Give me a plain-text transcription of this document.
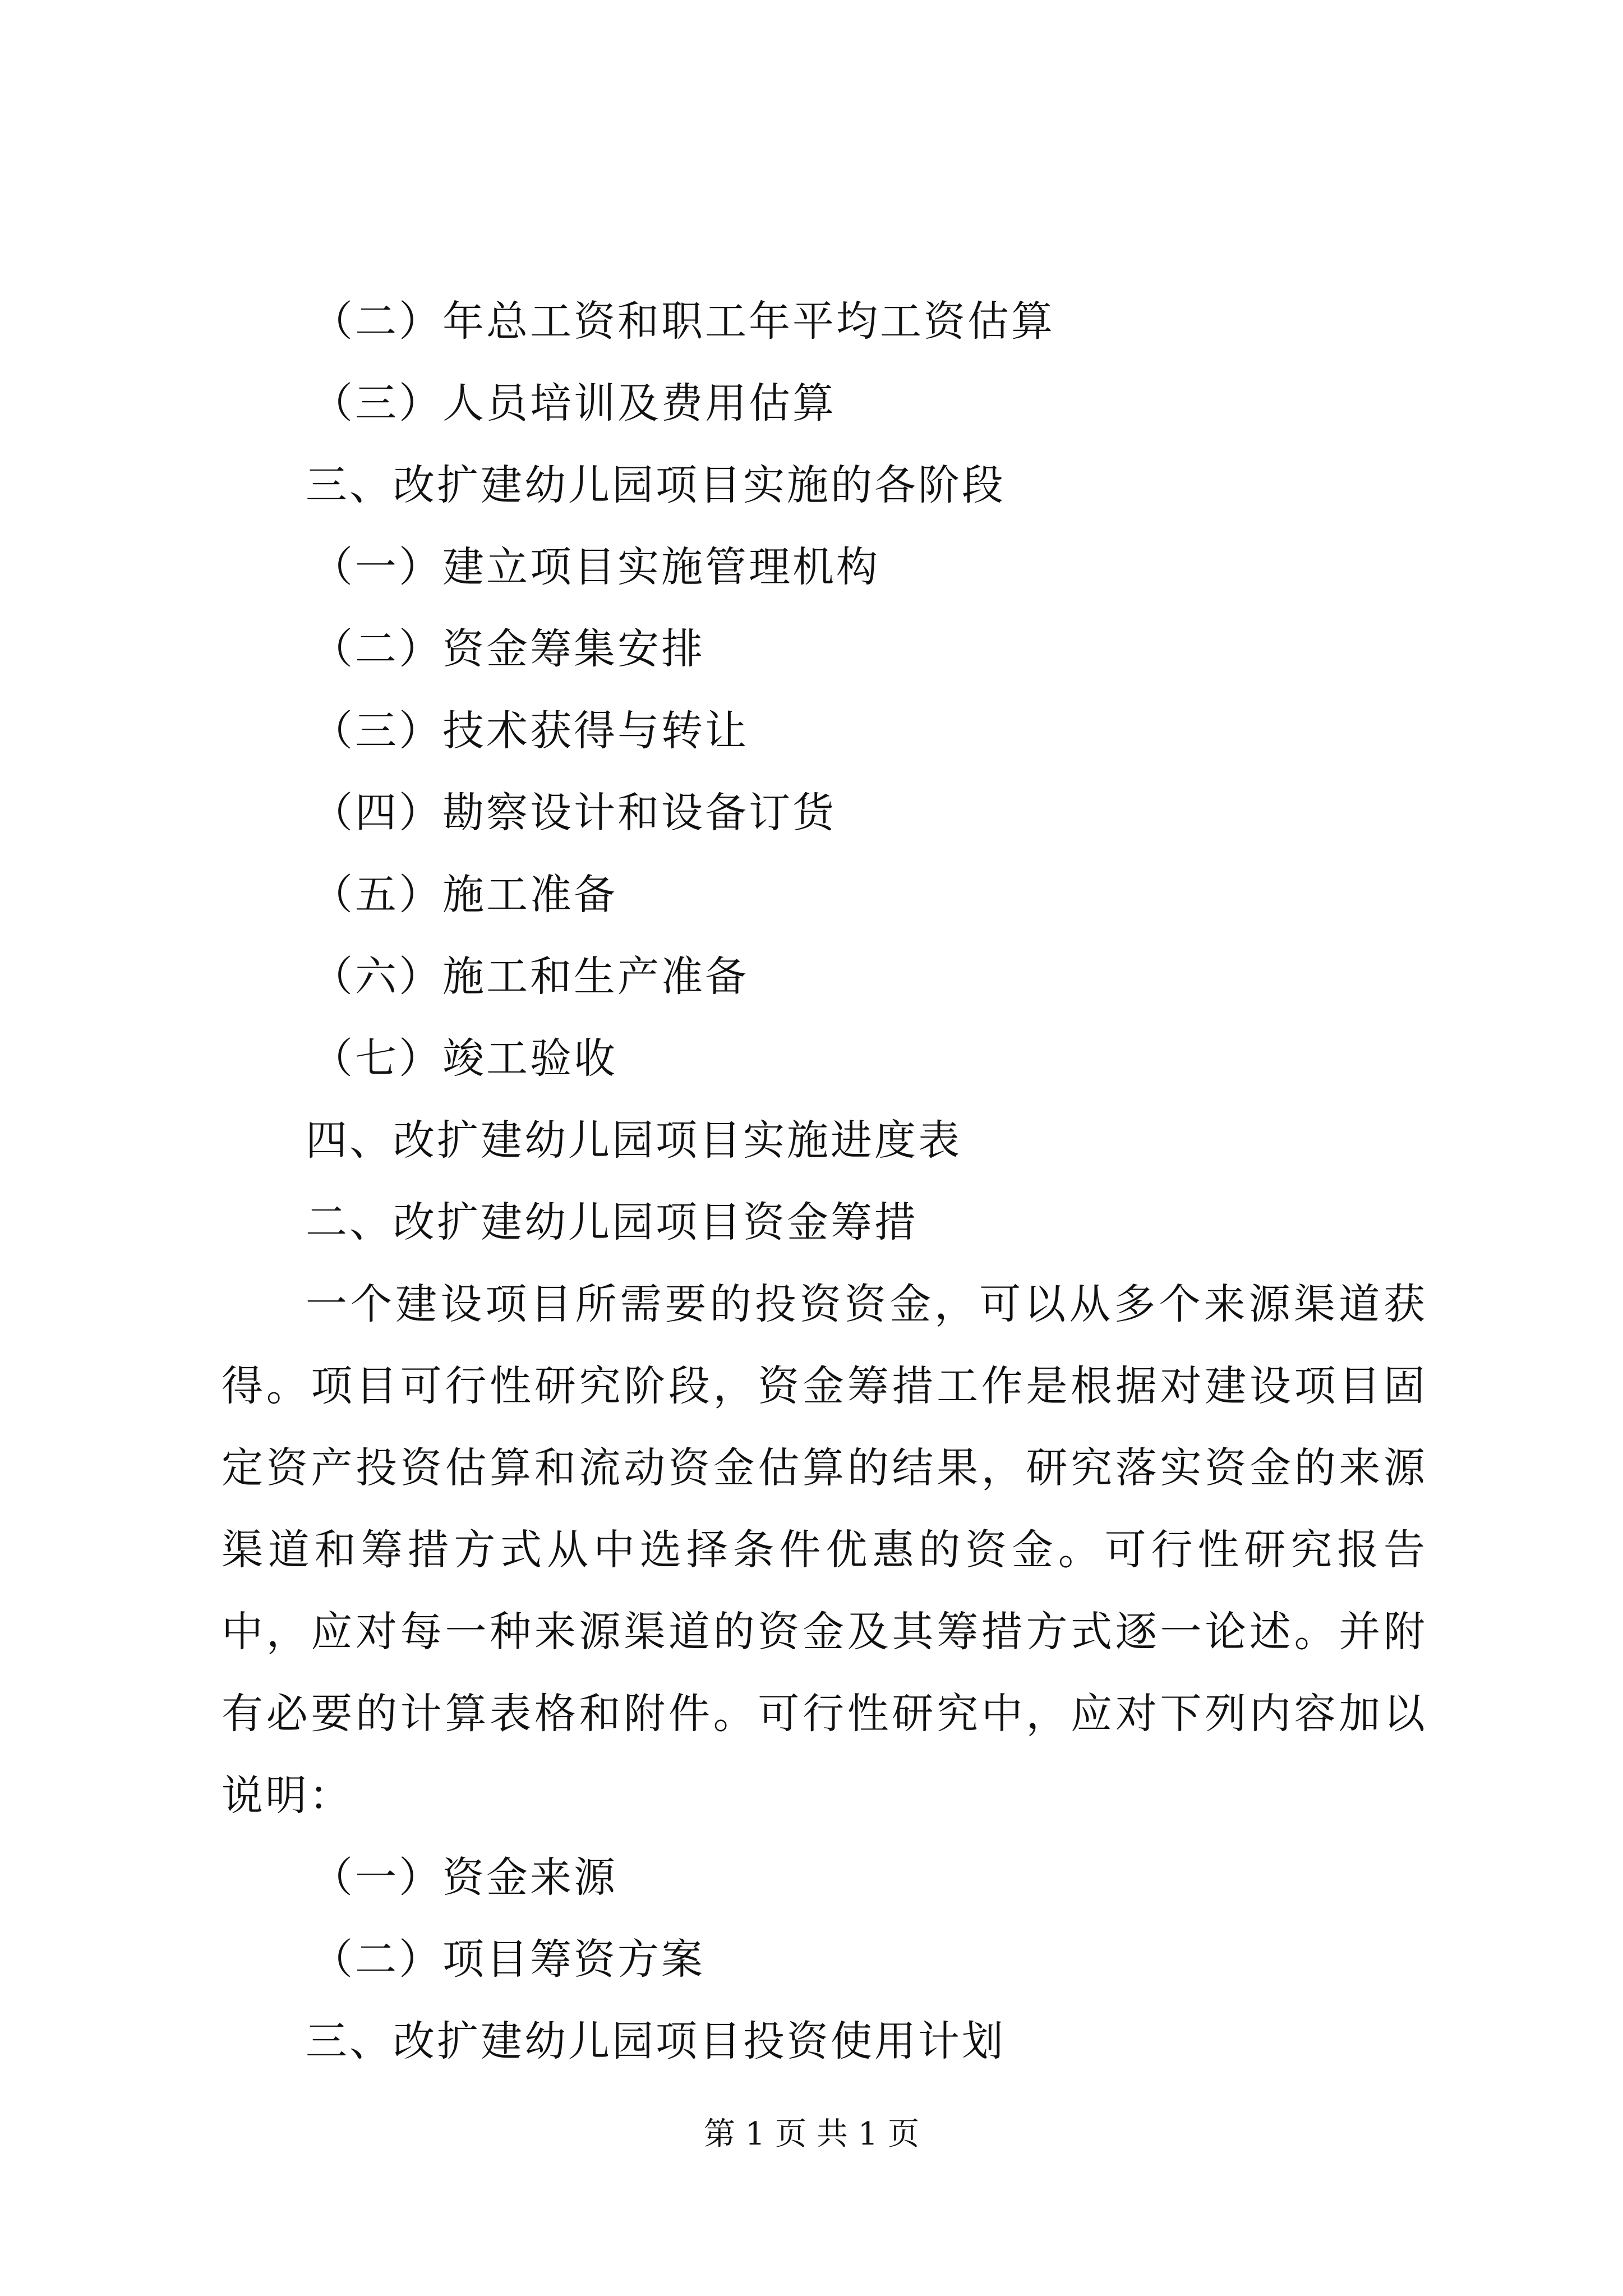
（二）年总工资和职工年平均工资估算
（三）人员培训及费用估算
三、改扩建幼儿园项目实施的各阶段
（一）建立项目实施管理机构
（二）资金筹集安排
（三）技术获得与转让
（四）勘察设计和设备订货
（五）施工准备
（六）施工和生产准备
（七）竣工验收
四、改扩建幼儿园项目实施进度表
二、改扩建幼儿园项目资金筹措

一个建设项目所需要的投资资金，可以从多个来源渠道获得。项目可行性研究阶段，资金筹措工作是根据对建设项目固定资产投资估算和流动资金估算的结果，研究落实资金的来源渠道和筹措方式从中选择条件优惠的资金。可行性研究报告中，应对每一种来源渠道的资金及其筹措方式逐一论述。并附有必要的计算表格和附件。可行性研究中，应对下列内容加以说明：

（一）资金来源
（二）项目筹资方案
三、改扩建幼儿园项目投资使用计划
第 1 页 共 1 页
